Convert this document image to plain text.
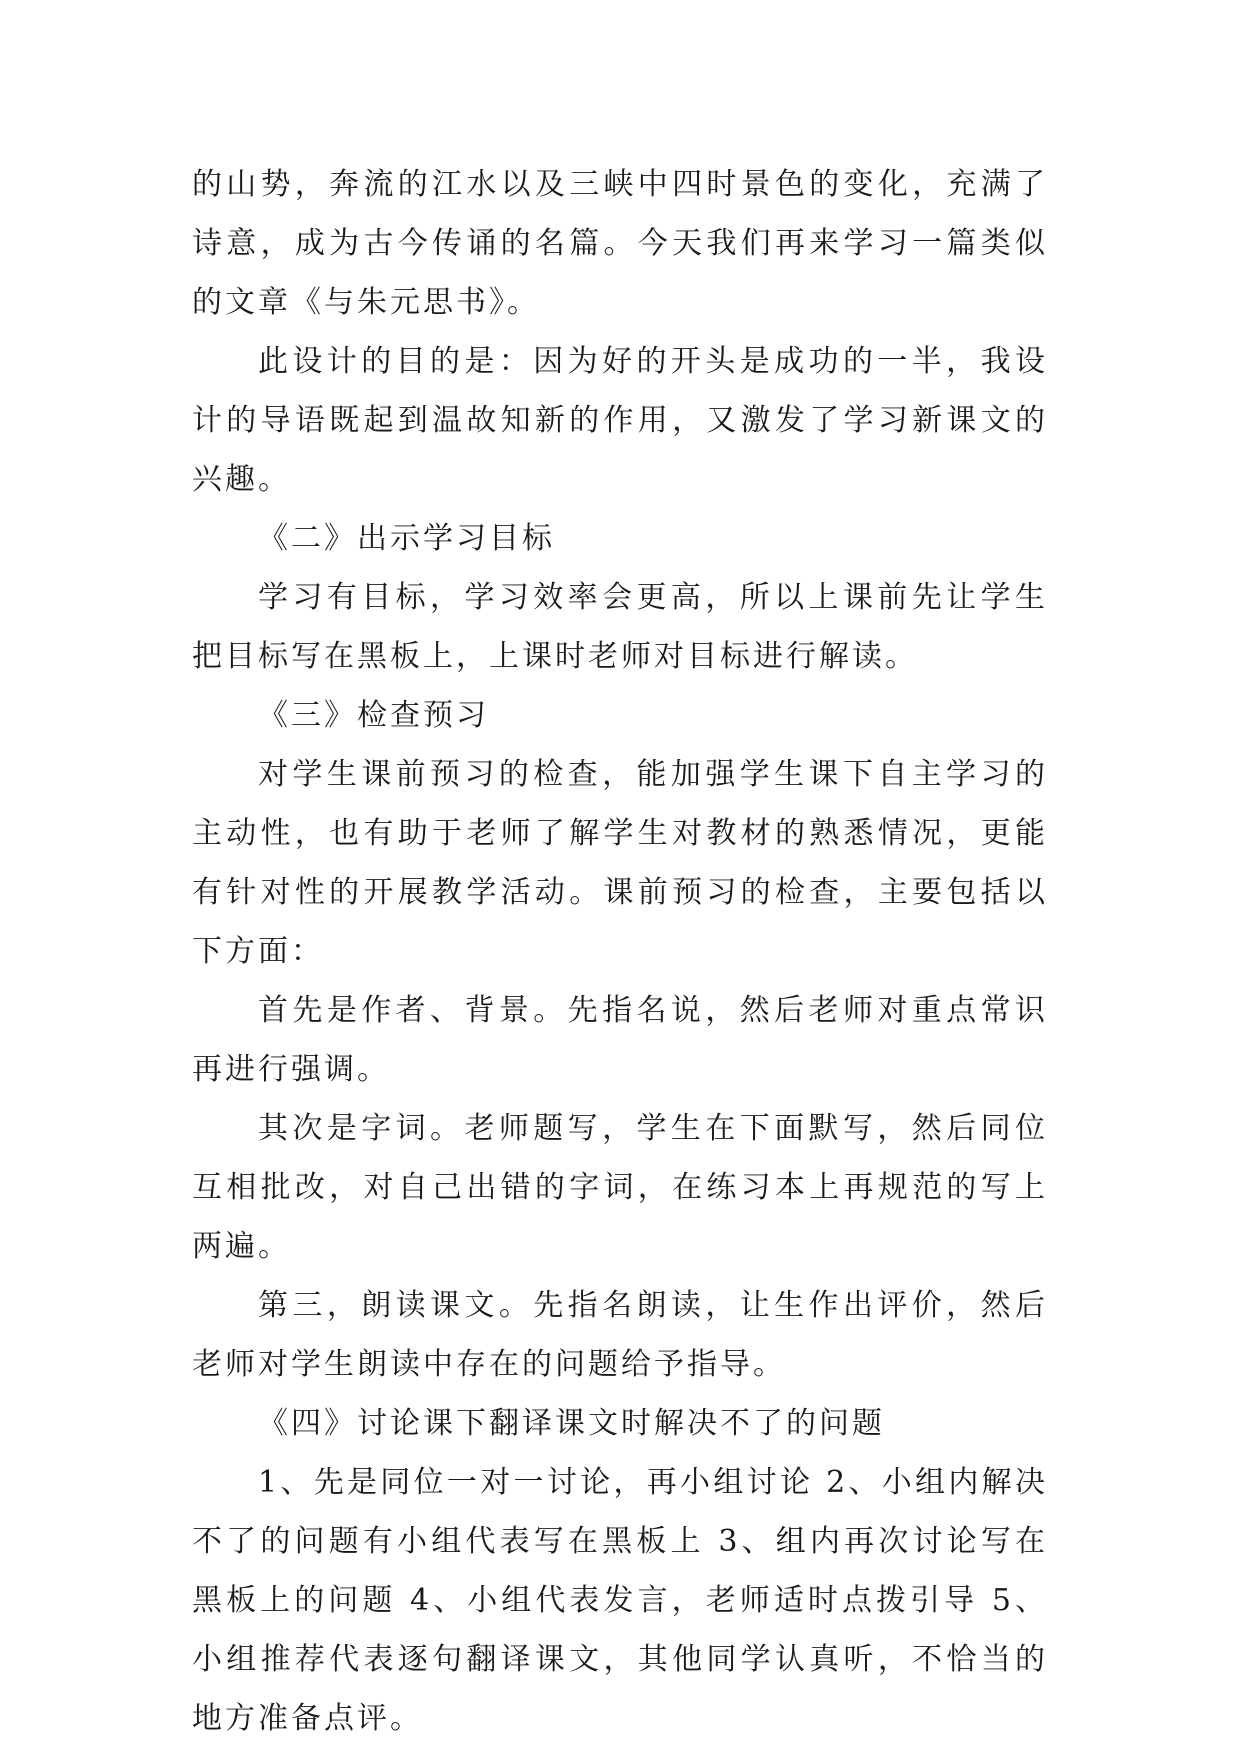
的山势，奔流的江水以及三峡中四时景色的变化，充满了诗意，成为古今传诵的名篇。今天我们再来学习一篇类似的文章《与朱元思书》。

此设计的目的是：因为好的开头是成功的一半，我设计的导语既起到温故知新的作用，又激发了学习新课文的兴趣。

《二》出示学习目标

学习有目标，学习效率会更高，所以上课前先让学生把目标写在黑板上，上课时老师对目标进行解读。

《三》检查预习

对学生课前预习的检查，能加强学生课下自主学习的主动性，也有助于老师了解学生对教材的熟悉情况，更能有针对性的开展教学活动。课前预习的检查，主要包括以下方面：

首先是作者、背景。先指名说，然后老师对重点常识再进行强调。

其次是字词。老师题写，学生在下面默写，然后同位互相批改，对自己出错的字词，在练习本上再规范的写上两遍。

第三，朗读课文。先指名朗读，让生作出评价，然后老师对学生朗读中存在的问题给予指导。

《四》讨论课下翻译课文时解决不了的问题

1、先是同位一对一讨论，再小组讨论 2、小组内解决不了的问题有小组代表写在黑板上 3、组内再次讨论写在黑板上的问题 4、小组代表发言，老师适时点拨引导 5、小组推荐代表逐句翻译课文，其他同学认真听，不恰当的地方准备点评。
